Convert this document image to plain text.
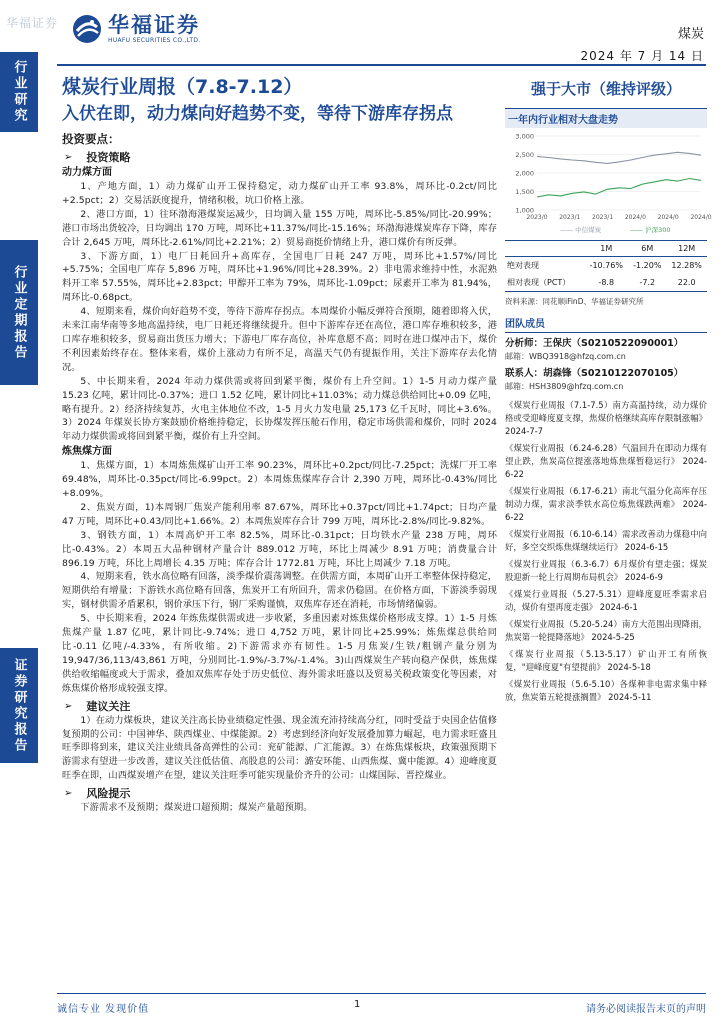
华福证券 华福证券
HUAFU SECURITIES CO.,LTD.	煤炭
2024 年 7 月 14 日
行业研究
行业定期报告
证券研究报告
煤炭行业周报（7.8-7.12）
入伏在即，动力煤向好趋势不变，等待下游库存拐点
投资要点：
➢ 投资策略
动力煤方面

1、产地方面，1）动力煤矿山开工保持稳定，动力煤矿山开工率 93.8%，周环比-0.2ct/同比+2.5pct；2）交易活跃度提升，情绪积极，坑口价格上涨。

2、港口方面，1）往环渤海港煤炭运减少，日均调入量 155 万吨，周环比-5.85%/同比-20.99%；港口市场出货较冷，日均调出 170 万吨，周环比+11.37%/同比-15.16%；环渤海港煤炭库存下降，库存合计 2,645 万吨，周环比-2.61%/同比+2.21%；2）贸易商挺价情绪上升，港口煤价有所反弹。

3、下游方面，1）电厂日耗回升+高库存，全国电厂日耗 247 万吨，周环比+1.57%/同比+5.75%；全国电厂库存 5,896 万吨，周环比+1.96%/同比+28.39%。2）非电需求维持中性，水泥熟料开工率 57.55%，周环比+2.83pct；甲醇开工率为 79%，周环比-1.09pct；尿素开工率为 81.94%，周环比-0.68pct。

4、短期来看，煤价向好趋势不变，等待下游库存拐点。本周煤价小幅反弹符合预期，随着即将入伏，未来江南华南等多地高温持续，电厂日耗还将继续提升。但中下游库存还在高位，港口库存堆积较多，港口库存堆积较多，贸易商出货压力增大；下游电厂库存高位，补库意愿不高；同时在进口煤冲击下，煤价不利因素始终存在。整体来看，煤价上涨动力有所不足，高温天气仍有提振作用，关注下游库存去化情况。

5、中长期来看，2024 年动力煤供需或将回到紧平衡，煤价有上升空间。1）1-5 月动力煤产量 15.23 亿吨，累计同比-0.37%；进口 1.52 亿吨，累计同比+11.03%；动力煤总供给同比+0.09 亿吨，略有提升。2）经济持续复苏，火电主体地位不改，1-5 月火力发电量 25,173 亿千瓦时，同比+3.6%。3）2024 年煤炭长协方案鼓励价格维持稳定，长协煤发挥压舱石作用，稳定市场供需和煤价，同时 2024 年动力煤供需或将回到紧平衡，煤价有上升空间。

炼焦煤方面

1、焦煤方面，1）本周炼焦煤矿山开工率 90.23%，周环比+0.2pct/同比-7.25pct；洗煤厂开工率 69.48%，周环比-0.35pct/同比-6.99pct。2）本周炼焦煤库存合计 2,390 万吨，周环比-0.43%/同比+8.09%。

2、焦炭方面，1)本周钢厂焦炭产能利用率 87.67%，周环比+0.37pct/同比+1.74pct；日均产量 47 万吨，周环比+0.43/同比+1.66%。2）本周焦炭库存合计 799 万吨，周环比-2.8%/同比-9.82%。

3、钢铁方面，1）本周高炉开工率 82.5%，周环比-0.31pct；日均铁水产量 238 万吨，周环比-0.43%。2）本周五大品种钢材产量合计 889.012 万吨，环比上周减少 8.91 万吨；消费量合计 896.19 万吨，环比上周增长 4.35 万吨；库存合计 1772.81 万吨，环比上周减少 7.18 万吨。

4、短期来看，铁水高位略有回落，淡季煤价震荡调整。在供需方面，本周矿山开工率整体保持稳定，短期供给有增量；下游铁水高位略有回落，焦炭开工有所回升，需求仍稳固。在价格方面，下游淡季弱现实，钢材供需矛盾累积，钢价承压下行，钢厂采购谨慎，双焦库存还在消耗，市场情绪偏弱。

5、中长期来看，2024 年炼焦煤供需或进一步收紧，多重因素对炼焦煤价格形成支撑。1）1-5 月炼焦煤产量 1.87 亿吨，累计同比-9.74%；进口 4,752 万吨，累计同比+25.99%；炼焦煤总供给同比-0.11 亿吨/-4.33%，有所收缩。2)下游需求亦有韧性。1-5 月焦炭/生铁/粗钢产量分别为 19,947/36,113/43,861 万吨，分别同比-1.9%/-3.7%/-1.4%。3)山西煤炭生产转向稳产保供，炼焦煤供给收缩幅度或大于需求，叠加双焦库存处于历史低位、海外需求旺盛以及贸易关税政策变化等因素，对炼焦煤价格形成较强支撑。

➢ 建议关注

1）在动力煤板块，建议关注高长协业绩稳定性强、现金流充沛持续高分红，同时受益于央国企估值修复预期的公司：中国神华、陕西煤业、中煤能源。2）考虑到经济向好发展叠加算力崛起，电力需求旺盛且旺季即将到来，建议关注业绩具备高弹性的公司：兖矿能源、广汇能源。3）在炼焦煤板块，政策强预期下游需求有望进一步改善，建议关注低估值、高股息的公司：潞安环能、山西焦煤、冀中能源。4）迎峰度夏旺季在即，山西煤炭增产在望，建议关注旺季可能实现量价齐升的公司：山煤国际、晋控煤业。

➢ 风险提示

下游需求不及预期；煤炭进口超预期；煤炭产量超预期。

强于大市（维持评级）
一年内行业相对大盘走势
3,000
2,500
2,000
1,500
1,000
2023/0 2023/1 2023/1 2024/0 2024/0 2024/0
—— 中信煤炭	—— 沪深300
	1M	6M	12M
绝对表现	-10.76%	-1.20%	12.28%
相对表现（PCT）	-8.8	-7.2	22.0
资料来源：同花顺iFinD、华福证券研究所
团队成员
分析师：王保庆（S0210522090001）
邮箱：WBQ3918@hfzq.com.cn
联系人：胡森锋（S0210122070105）
邮箱：HSH3809@hfzq.com.cn
《煤炭行业周报（7.1-7.5）南方高温持续，动力煤价格或受迎峰度夏支撑，焦煤价格继续高库存限制涨幅》 2024-7-7
《煤炭行业周报（6.24-6.28）气温回升在即动力煤有望止跌，焦炭高位提涨落地炼焦煤暂稳运行》 2024-6-22
《煤炭行业周报（6.17-6.21）南北气温分化高库存压制动力煤，需求淡季铁水高位炼焦煤跌两难》 2024-6-22
《煤炭行业周报（6.10-6.14）需求改善动力煤稳中向好，多空交织炼焦煤继续运行》 2024-6-15
《煤炭行业周报（6.3-6.7）6月煤价有望走强；煤炭股迎新一轮上行周期布局机会》 2024-6-9
《煤炭行业周报（5.27-5.31）迎峰度夏旺季需求启动，煤价有望再度走强》 2024-6-1
《煤炭行业周报（5.20-5.24）南方大范围出现降雨，焦炭第一轮提降落地》 2024-5-25
《煤炭行业周报（5.13-5.17）矿山开工有所恢复，"迎峰度夏"有望提前》 2024-5-18
《煤炭行业周报（5.6-5.10）各煤种非电需求集中释放，焦炭第五轮提涨搁置》 2024-5-11
诚信专业 发现价值	1	请务必阅读报告末页的声明
